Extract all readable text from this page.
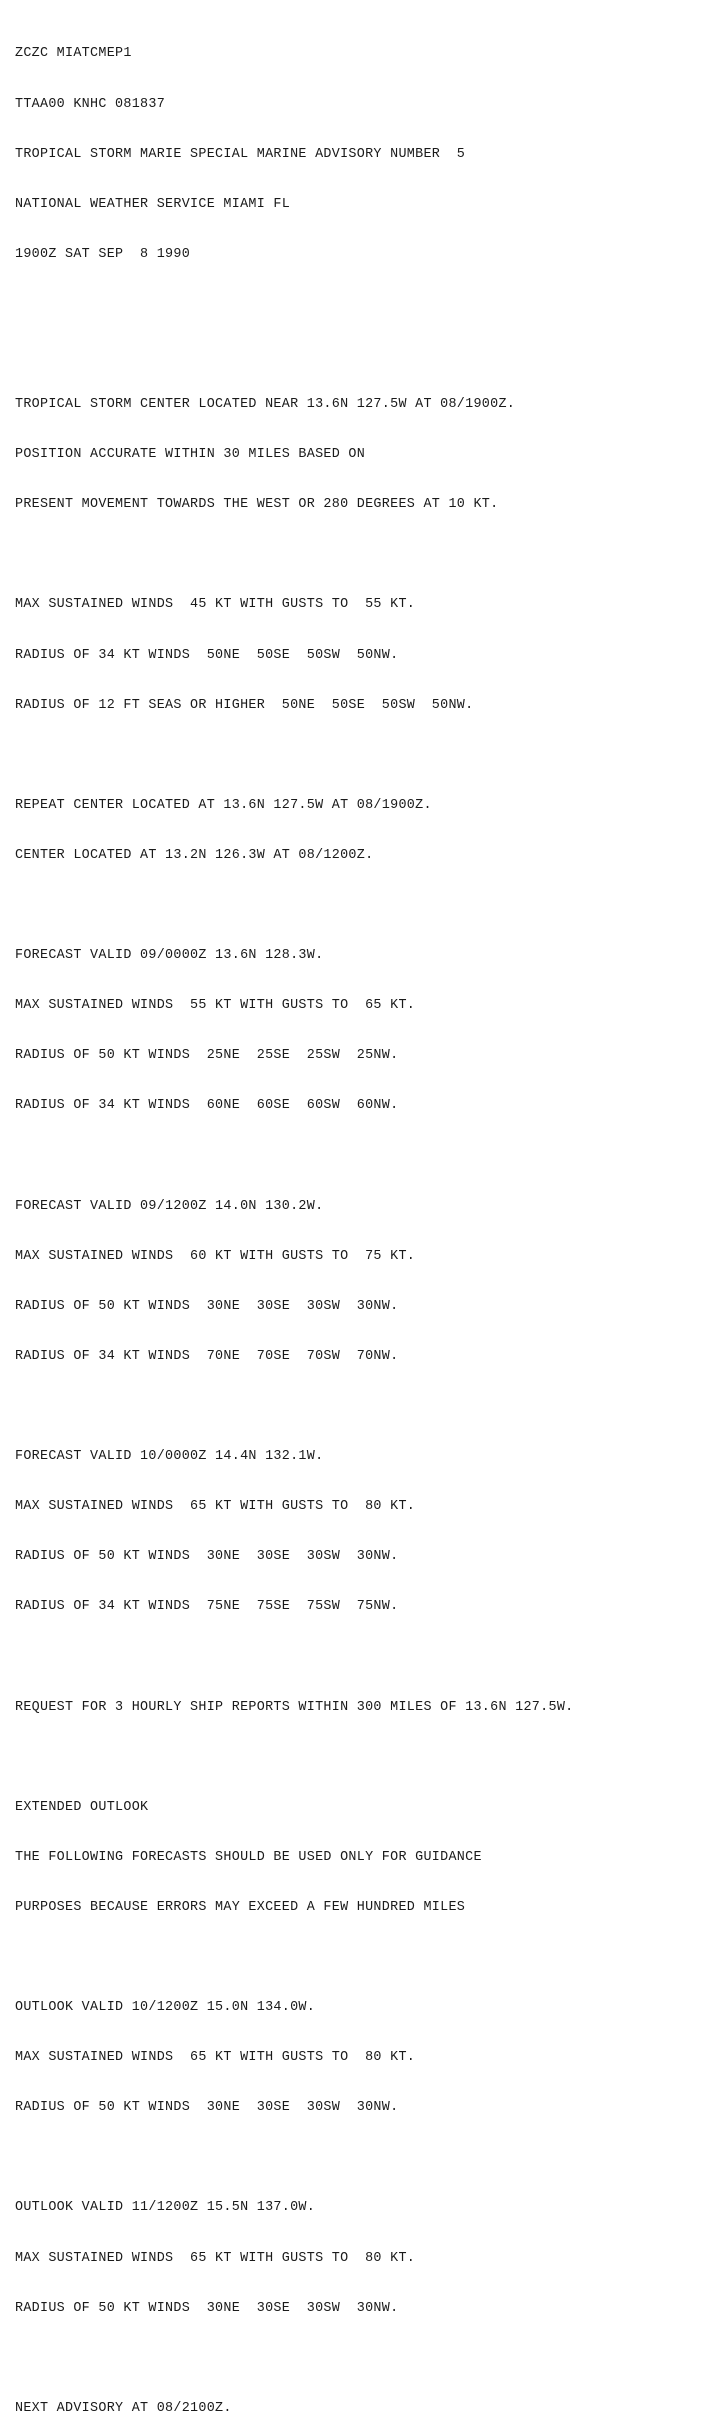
ZCZC MIATCMEP1

TTAA00 KNHC 081837

TROPICAL STORM MARIE SPECIAL MARINE ADVISORY NUMBER  5

NATIONAL WEATHER SERVICE MIAMI FL

1900Z SAT SEP  8 1990

TROPICAL STORM CENTER LOCATED NEAR 13.6N 127.5W AT 08/1900Z.

POSITION ACCURATE WITHIN 30 MILES BASED ON

PRESENT MOVEMENT TOWARDS THE WEST OR 280 DEGREES AT 10 KT.

MAX SUSTAINED WINDS  45 KT WITH GUSTS TO  55 KT.

RADIUS OF 34 KT WINDS  50NE  50SE  50SW  50NW.

RADIUS OF 12 FT SEAS OR HIGHER  50NE  50SE  50SW  50NW.

REPEAT CENTER LOCATED AT 13.6N 127.5W AT 08/1900Z.

CENTER LOCATED AT 13.2N 126.3W AT 08/1200Z.

FORECAST VALID 09/0000Z 13.6N 128.3W.

MAX SUSTAINED WINDS  55 KT WITH GUSTS TO  65 KT.

RADIUS OF 50 KT WINDS  25NE  25SE  25SW  25NW.

RADIUS OF 34 KT WINDS  60NE  60SE  60SW  60NW.

FORECAST VALID 09/1200Z 14.0N 130.2W.

MAX SUSTAINED WINDS  60 KT WITH GUSTS TO  75 KT.

RADIUS OF 50 KT WINDS  30NE  30SE  30SW  30NW.

RADIUS OF 34 KT WINDS  70NE  70SE  70SW  70NW.

FORECAST VALID 10/0000Z 14.4N 132.1W.

MAX SUSTAINED WINDS  65 KT WITH GUSTS TO  80 KT.

RADIUS OF 50 KT WINDS  30NE  30SE  30SW  30NW.

RADIUS OF 34 KT WINDS  75NE  75SE  75SW  75NW.

REQUEST FOR 3 HOURLY SHIP REPORTS WITHIN 300 MILES OF 13.6N 127.5W.

EXTENDED OUTLOOK

THE FOLLOWING FORECASTS SHOULD BE USED ONLY FOR GUIDANCE

PURPOSES BECAUSE ERRORS MAY EXCEED A FEW HUNDRED MILES

OUTLOOK VALID 10/1200Z 15.0N 134.0W.

MAX SUSTAINED WINDS  65 KT WITH GUSTS TO  80 KT.

RADIUS OF 50 KT WINDS  30NE  30SE  30SW  30NW.

OUTLOOK VALID 11/1200Z 15.5N 137.0W.

MAX SUSTAINED WINDS  65 KT WITH GUSTS TO  80 KT.

RADIUS OF 50 KT WINDS  30NE  30SE  30SW  30NW.

NEXT ADVISORY AT 08/2100Z.
